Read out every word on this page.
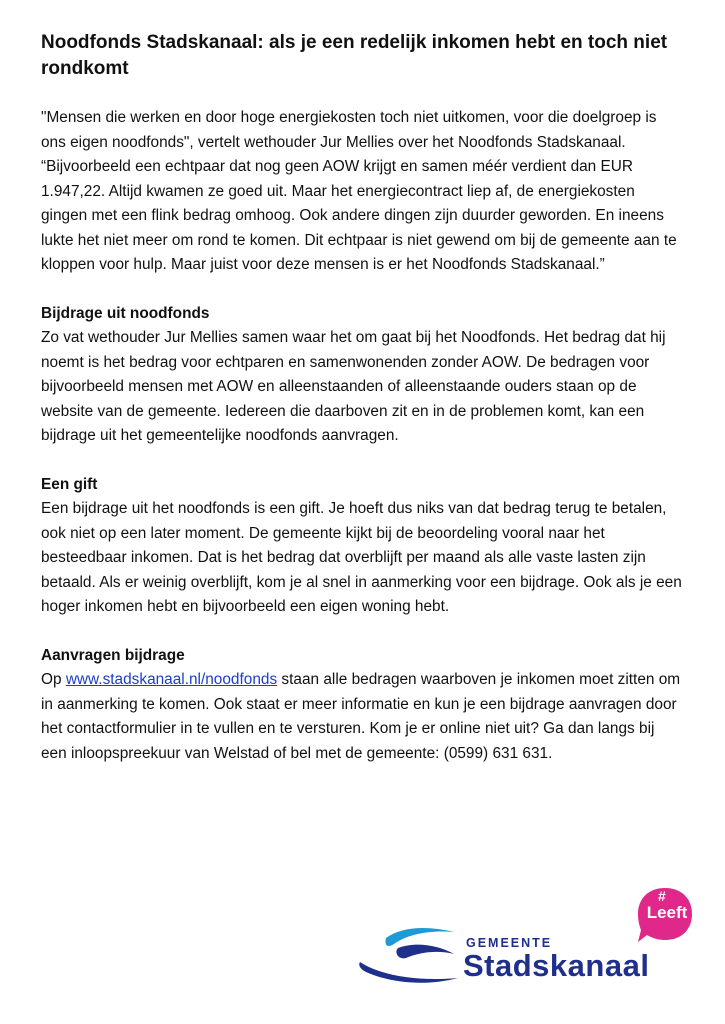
Noodfonds Stadskanaal: als je een redelijk inkomen hebt en toch niet rondkomt

"Mensen die werken en door hoge energiekosten toch niet uitkomen, voor die doelgroep is ons eigen noodfonds", vertelt wethouder Jur Mellies over het Noodfonds Stadskanaal. “Bijvoorbeeld een echtpaar dat nog geen AOW krijgt en samen méér verdient dan EUR 1.947,22. Altijd kwamen ze goed uit. Maar het energiecontract liep af, de energiekosten gingen met een flink bedrag omhoog. Ook andere dingen zijn duurder geworden. En ineens lukte het niet meer om rond te komen. Dit echtpaar is niet gewend om bij de gemeente aan te kloppen voor hulp. Maar juist voor deze mensen is er het Noodfonds Stadskanaal.”

Bijdrage uit noodfonds

Zo vat wethouder Jur Mellies samen waar het om gaat bij het Noodfonds. Het bedrag dat hij noemt is het bedrag voor echtparen en samenwonenden zonder AOW. De bedragen voor bijvoorbeeld mensen met AOW en alleenstaanden of alleenstaande ouders staan op de website van de gemeente. Iedereen die daarboven zit en in de problemen komt, kan een bijdrage uit het gemeentelijke noodfonds aanvragen.

Een gift

Een bijdrage uit het noodfonds is een gift. Je hoeft dus niks van dat bedrag terug te betalen, ook niet op een later moment. De gemeente kijkt bij de beoordeling vooral naar het besteedbaar inkomen. Dat is het bedrag dat overblijft per maand als alle vaste lasten zijn betaald. Als er weinig overblijft, kom je al snel in aanmerking voor een bijdrage. Ook als je een hoger inkomen hebt en bijvoorbeeld een eigen woning hebt.

Aanvragen bijdrage

Op www.stadskanaal.nl/noodfonds staan alle bedragen waarboven je inkomen moet zitten om in aanmerking te komen. Ook staat er meer informatie en kun je een bijdrage aanvragen door het contactformulier in te vullen en te versturen. Kom je er online niet uit? Ga dan langs bij een inloopspreekuur van Welstad of bel met de gemeente: (0599) 631 631.

GEMEENTE
Stadskanaal
#
Leeft
